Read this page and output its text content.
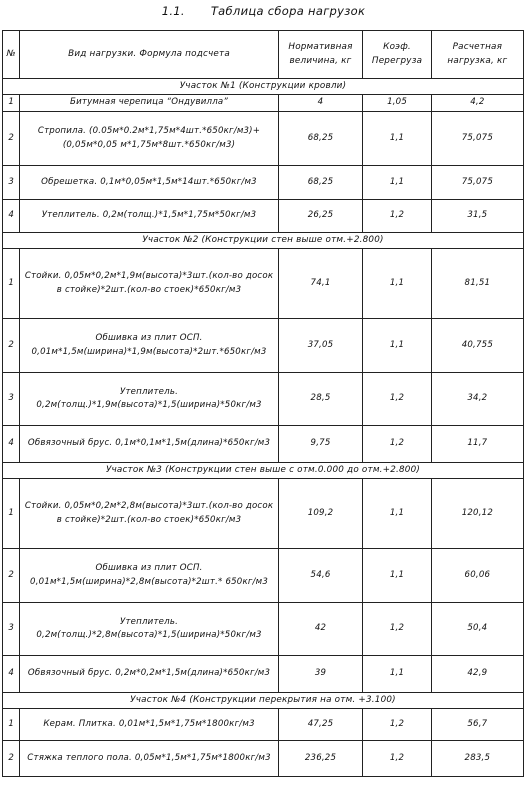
1.1. Таблица сбора нагрузок
№	Вид нагрузки. Формула подсчета	Нормативная величина, кг	Коэф. Перегруза	Расчетная нагрузка, кг
Участок №1 (Конструкции кровли)				
1	Битумная черепица “Ондувилла”	4	1,05	4,2
2	Стропила. (0.05м*0.2м*1,75м*4шт.*650кг/м3)+(0,05м*0,05 м*1,75м*8шт.*650кг/м3)	68,25	1,1	75,075
3	Обрешетка. 0,1м*0,05м*1,5м*14шт.*650кг/м3	68,25	1,1	75,075
4	Утеплитель. 0,2м(толщ.)*1,5м*1,75м*50кг/м3	26,25	1,2	31,5
Участок №2 (Конструкции стен выше отм.+2.800)				
1	Стойки. 0,05м*0,2м*1,9м(высота)*3шт.(кол-во досок в стойке)*2шт.(кол-во стоек)*650кг/м3	74,1	1,1	81,51
2	Обшивка из плит ОСП. 0,01м*1,5м(ширина)*1,9м(высота)*2шт.*650кг/м3	37,05	1,1	40,755
3	Утеплитель. 0,2м(толщ.)*1,9м(высота)*1,5(ширина)*50кг/м3	28,5	1,2	34,2
4	Обвязочный брус. 0,1м*0,1м*1,5м(длина)*650кг/м3	9,75	1,2	11,7
Участок №3 (Конструкции стен выше с отм.0.000 до отм.+2.800)				
1	Стойки. 0,05м*0,2м*2,8м(высота)*3шт.(кол-во досок в стойке)*2шт.(кол-во стоек)*650кг/м3	109,2	1,1	120,12
2	Обшивка из плит ОСП. 0,01м*1,5м(ширина)*2,8м(высота)*2шт.* 650кг/м3	54,6	1,1	60,06
3	Утеплитель. 0,2м(толщ.)*2,8м(высота)*1,5(ширина)*50кг/м3	42	1,2	50,4
4	Обвязочный брус. 0,2м*0,2м*1,5м(длина)*650кг/м3	39	1,1	42,9
Участок №4 (Конструкции перекрытия на отм. +3.100)				
1	Керам. Плитка. 0,01м*1,5м*1,75м*1800кг/м3	47,25	1,2	56,7
2	Стяжка теплого пола. 0,05м*1,5м*1,75м*1800кг/м3	236,25	1,2	283,5
